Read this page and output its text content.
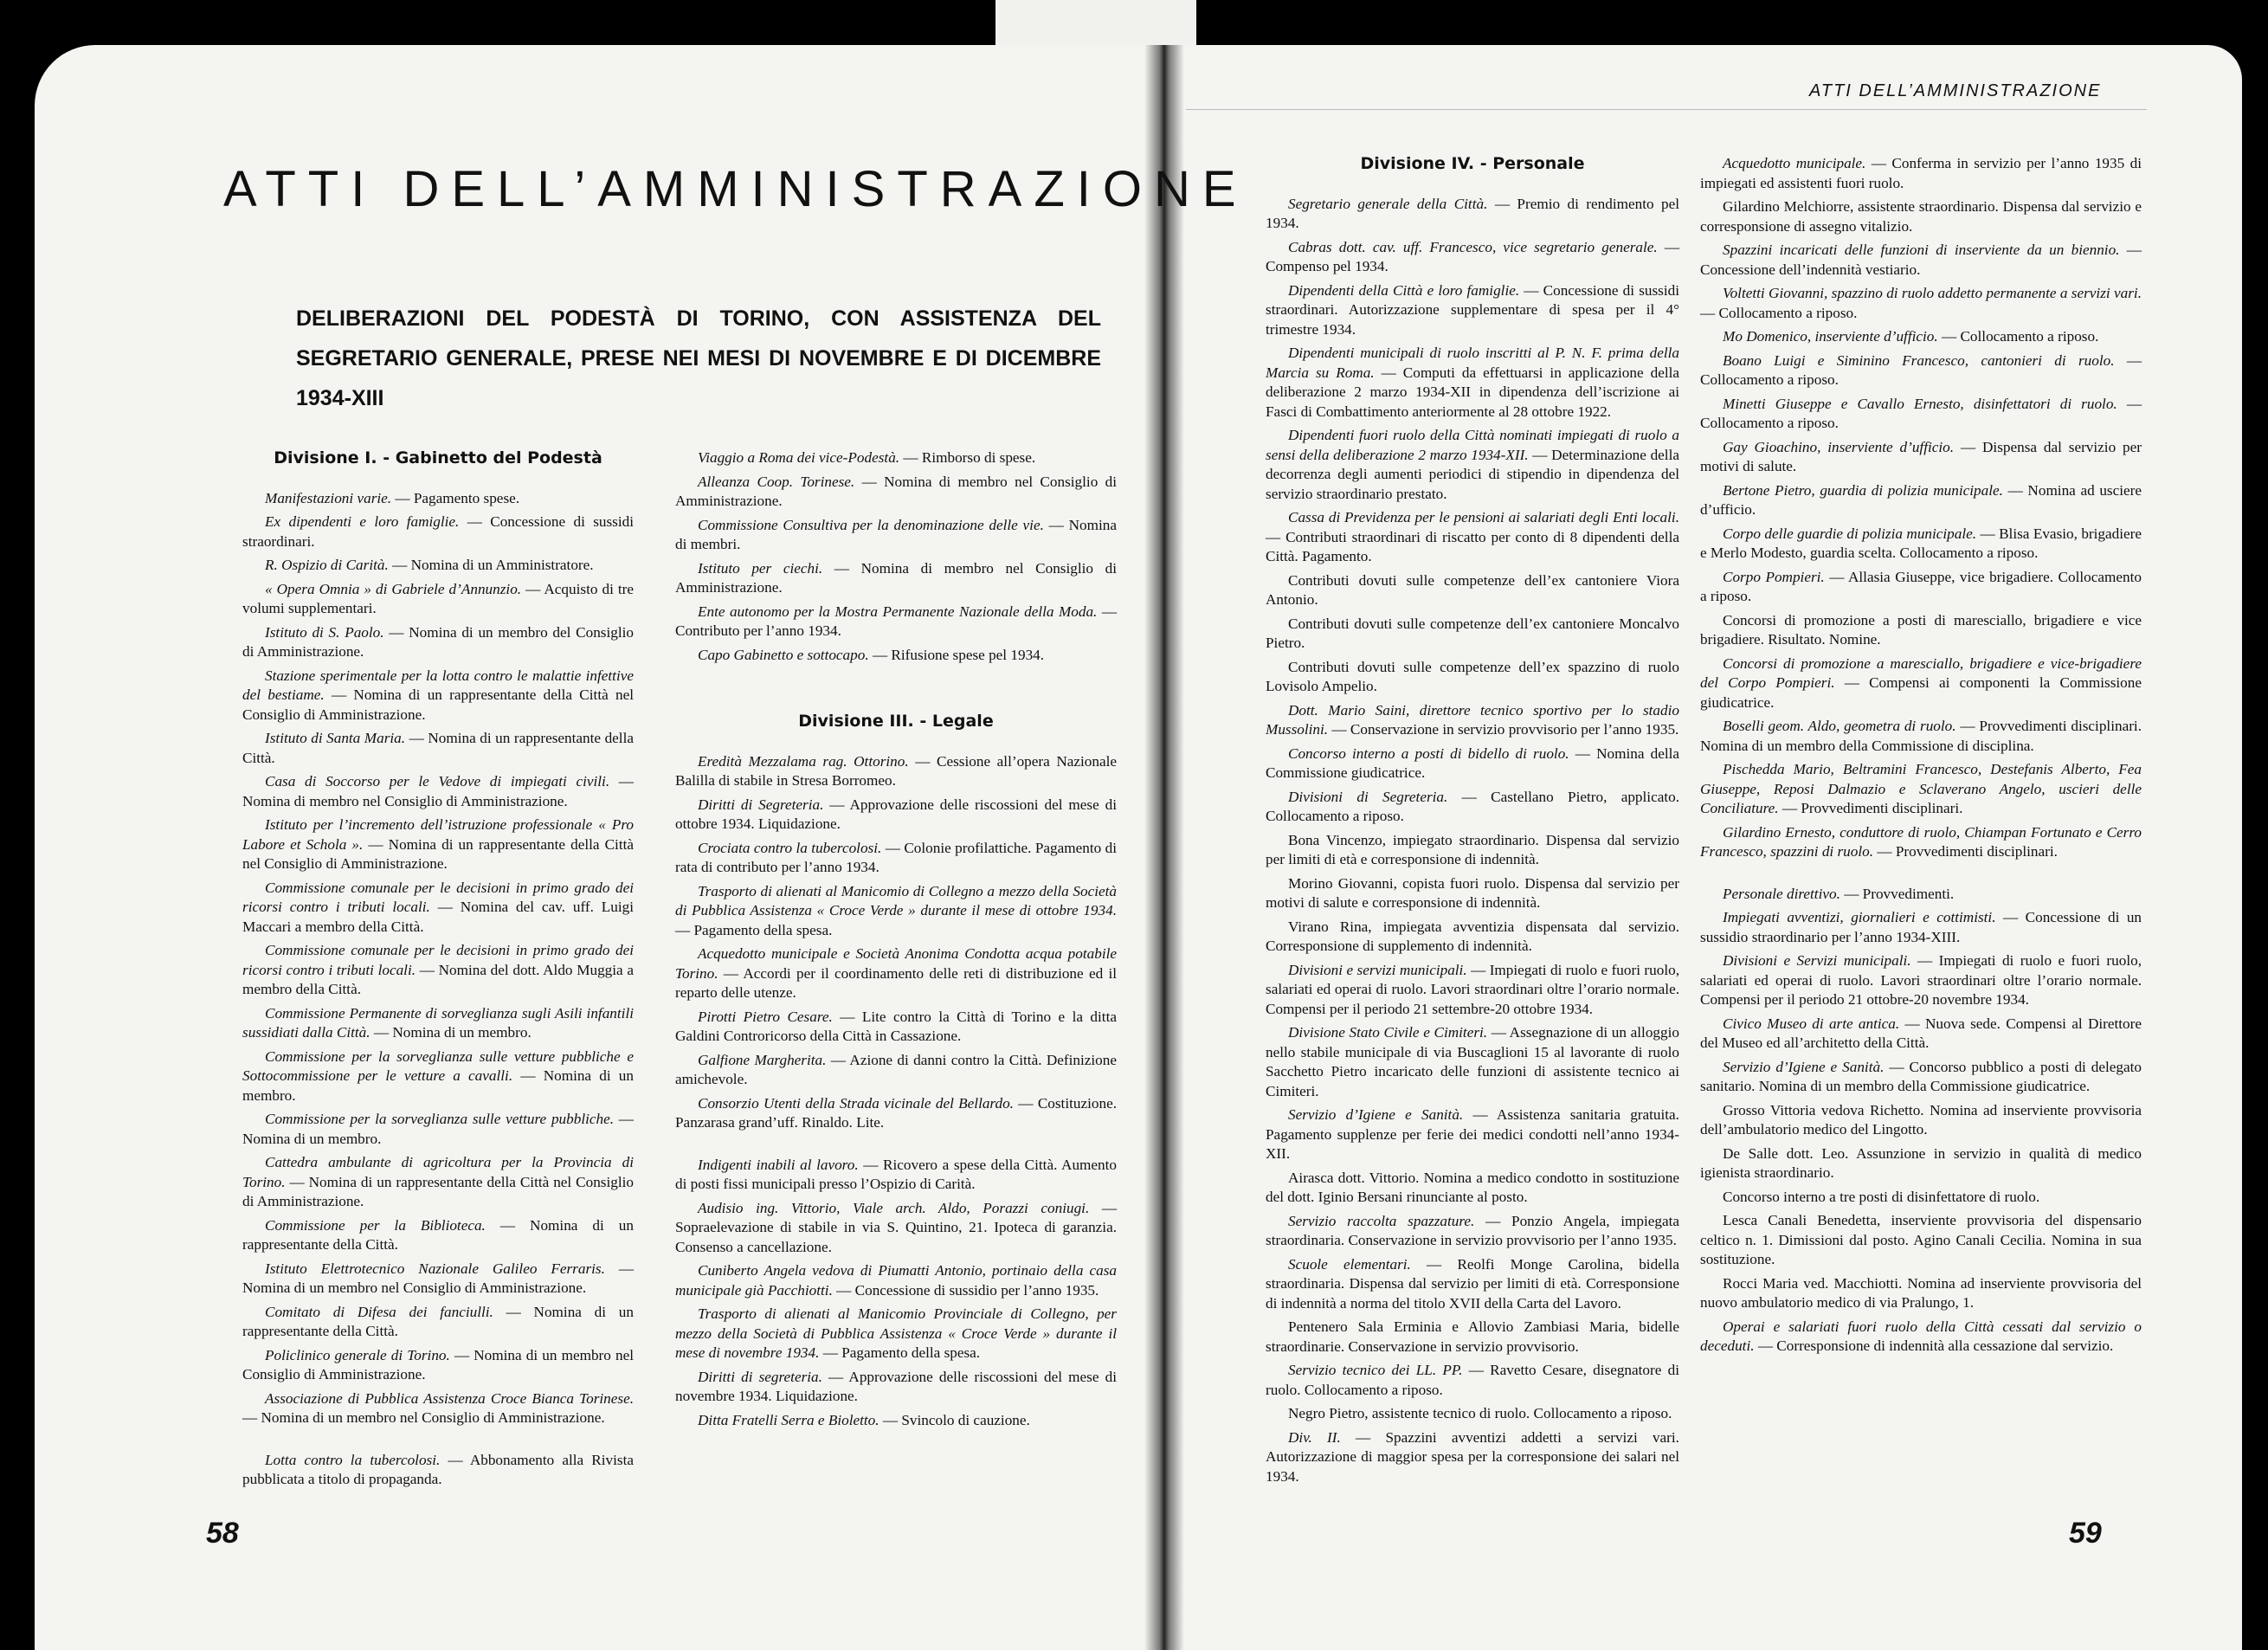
ATTI DELL’AMMINISTRAZIONE
DELIBERAZIONI DEL PODESTÀ DI TORINO, CON ASSISTENZA DEL SEGRETARIO GENERALE, PRESE NEI MESI DI NOVEMBRE E DI DICEMBRE 1934-XIII
ATTI DELL’AMMINISTRAZIONE
Divisione I. - Gabinetto del Podestà

Manifestazioni varie. — Pagamento spese.

Ex dipendenti e loro famiglie. — Concessione di sussidi straordinari.

R. Ospizio di Carità. — Nomina di un Amministratore.

« Opera Omnia » di Gabriele d’Annunzio. — Acquisto di tre volumi supplementari.

Istituto di S. Paolo. — Nomina di un membro del Consiglio di Amministrazione.

Stazione sperimentale per la lotta contro le malattie infettive del bestiame. — Nomina di un rappresentante della Città nel Consiglio di Amministrazione.

Istituto di Santa Maria. — Nomina di un rappresentante della Città.

Casa di Soccorso per le Vedove di impiegati civili. — Nomina di membro nel Consiglio di Amministrazione.

Istituto per l’incremento dell’istruzione professionale « Pro Labore et Schola ». — Nomina di un rappresentante della Città nel Consiglio di Amministrazione.

Commissione comunale per le decisioni in primo grado dei ricorsi contro i tributi locali. — Nomina del cav. uff. Luigi Maccari a membro della Città.

Commissione comunale per le decisioni in primo grado dei ricorsi contro i tributi locali. — Nomina del dott. Aldo Muggia a membro della Città.

Commissione Permanente di sorveglianza sugli Asili infantili sussidiati dalla Città. — Nomina di un membro.

Commissione per la sorveglianza sulle vetture pubbliche e Sottocommissione per le vetture a cavalli. — Nomina di un membro.

Commissione per la sorveglianza sulle vetture pubbliche. — Nomina di un membro.

Cattedra ambulante di agricoltura per la Provincia di Torino. — Nomina di un rappresentante della Città nel Consiglio di Amministrazione.

Commissione per la Biblioteca. — Nomina di un rappresentante della Città.

Istituto Elettrotecnico Nazionale Galileo Ferraris. — Nomina di un membro nel Consiglio di Amministrazione.

Comitato di Difesa dei fanciulli. — Nomina di un rappresentante della Città.

Policlinico generale di Torino. — Nomina di un membro nel Consiglio di Amministrazione.

Associazione di Pubblica Assistenza Croce Bianca Torinese. — Nomina di un membro nel Consiglio di Amministrazione.

Lotta contro la tubercolosi. — Abbonamento alla Rivista pubblicata a titolo di propaganda.

Viaggio a Roma dei vice-Podestà. — Rimborso di spese.

Alleanza Coop. Torinese. — Nomina di membro nel Consiglio di Amministrazione.

Commissione Consultiva per la denominazione delle vie. — Nomina di membri.

Istituto per ciechi. — Nomina di membro nel Consiglio di Amministrazione.

Ente autonomo per la Mostra Permanente Nazionale della Moda. — Contributo per l’anno 1934.

Capo Gabinetto e sottocapo. — Rifusione spese pel 1934.

Divisione III. - Legale

Eredità Mezzalama rag. Ottorino. — Cessione all’opera Nazionale Balilla di stabile in Stresa Borromeo.

Diritti di Segreteria. — Approvazione delle riscossioni del mese di ottobre 1934. Liquidazione.

Crociata contro la tubercolosi. — Colonie profilattiche. Pagamento di rata di contributo per l’anno 1934.

Trasporto di alienati al Manicomio di Collegno a mezzo della Società di Pubblica Assistenza « Croce Verde » durante il mese di ottobre 1934. — Pagamento della spesa.

Acquedotto municipale e Società Anonima Condotta acqua potabile Torino. — Accordi per il coordinamento delle reti di distribuzione ed il reparto delle utenze.

Pirotti Pietro Cesare. — Lite contro la Città di Torino e la ditta Galdini Controricorso della Città in Cassazione.

Galfione Margherita. — Azione di danni contro la Città. Definizione amichevole.

Consorzio Utenti della Strada vicinale del Bellardo. — Costituzione. Panzarasa grand’uff. Rinaldo. Lite.

Indigenti inabili al lavoro. — Ricovero a spese della Città. Aumento di posti fissi municipali presso l’Ospizio di Carità.

Audisio ing. Vittorio, Viale arch. Aldo, Porazzi coniugi. — Sopraelevazione di stabile in via S. Quintino, 21. Ipoteca di garanzia. Consenso a cancellazione.

Cuniberto Angela vedova di Piumatti Antonio, portinaio della casa municipale già Pacchiotti. — Concessione di sussidio per l’anno 1935.

Trasporto di alienati al Manicomio Provinciale di Collegno, per mezzo della Società di Pubblica Assistenza « Croce Verde » durante il mese di novembre 1934. — Pagamento della spesa.

Diritti di segreteria. — Approvazione delle riscossioni del mese di novembre 1934. Liquidazione.

Ditta Fratelli Serra e Bioletto. — Svincolo di cauzione.

Divisione IV. - Personale

Segretario generale della Città. — Premio di rendimento pel 1934.

Cabras dott. cav. uff. Francesco, vice segretario generale. — Compenso pel 1934.

Dipendenti della Città e loro famiglie. — Concessione di sussidi straordinari. Autorizzazione supplementare di spesa per il 4° trimestre 1934.

Dipendenti municipali di ruolo inscritti al P. N. F. prima della Marcia su Roma. — Computi da effettuarsi in applicazione della deliberazione 2 marzo 1934-XII in dipendenza dell’iscrizione ai Fasci di Combattimento anteriormente al 28 ottobre 1922.

Dipendenti fuori ruolo della Città nominati impiegati di ruolo a sensi della deliberazione 2 marzo 1934-XII. — Determinazione della decorrenza degli aumenti periodici di stipendio in dipendenza del servizio straordinario prestato.

Cassa di Previdenza per le pensioni ai salariati degli Enti locali. — Contributi straordinari di riscatto per conto di 8 dipendenti della Città. Pagamento.

Contributi dovuti sulle competenze dell’ex cantoniere Viora Antonio.

Contributi dovuti sulle competenze dell’ex cantoniere Moncalvo Pietro.

Contributi dovuti sulle competenze dell’ex spazzino di ruolo Lovisolo Ampelio.

Dott. Mario Saini, direttore tecnico sportivo per lo stadio Mussolini. — Conservazione in servizio provvisorio per l’anno 1935.

Concorso interno a posti di bidello di ruolo. — Nomina della Commissione giudicatrice.

Divisioni di Segreteria. — Castellano Pietro, applicato. Collocamento a riposo.

Bona Vincenzo, impiegato straordinario. Dispensa dal servizio per limiti di età e corresponsione di indennità.

Morino Giovanni, copista fuori ruolo. Dispensa dal servizio per motivi di salute e corresponsione di indennità.

Virano Rina, impiegata avventizia dispensata dal servizio. Corresponsione di supplemento di indennità.

Divisioni e servizi municipali. — Impiegati di ruolo e fuori ruolo, salariati ed operai di ruolo. Lavori straordinari oltre l’orario normale. Compensi per il periodo 21 settembre-20 ottobre 1934.

Divisione Stato Civile e Cimiteri. — Assegnazione di un alloggio nello stabile municipale di via Buscaglioni 15 al lavorante di ruolo Sacchetto Pietro incaricato delle funzioni di assistente tecnico ai Cimiteri.

Servizio d’Igiene e Sanità. — Assistenza sanitaria gratuita. Pagamento supplenze per ferie dei medici condotti nell’anno 1934-XII.

Airasca dott. Vittorio. Nomina a medico condotto in sostituzione del dott. Iginio Bersani rinunciante al posto.

Servizio raccolta spazzature. — Ponzio Angela, impiegata straordinaria. Conservazione in servizio provvisorio per l’anno 1935.

Scuole elementari. — Reolfi Monge Carolina, bidella straordinaria. Dispensa dal servizio per limiti di età. Corresponsione di indennità a norma del titolo XVII della Carta del Lavoro.

Pentenero Sala Erminia e Allovio Zambiasi Maria, bidelle straordinarie. Conservazione in servizio provvisorio.

Servizio tecnico dei LL. PP. — Ravetto Cesare, disegnatore di ruolo. Collocamento a riposo.

Negro Pietro, assistente tecnico di ruolo. Collocamento a riposo.

Div. II. — Spazzini avventizi addetti a servizi vari. Autorizzazione di maggior spesa per la corresponsione dei salari nel 1934.

Acquedotto municipale. — Conferma in servizio per l’anno 1935 di impiegati ed assistenti fuori ruolo.

Gilardino Melchiorre, assistente straordinario. Dispensa dal servizio e corresponsione di assegno vitalizio.

Spazzini incaricati delle funzioni di inserviente da un biennio. — Concessione dell’indennità vestiario.

Voltetti Giovanni, spazzino di ruolo addetto permanente a servizi vari. — Collocamento a riposo.

Mo Domenico, inserviente d’ufficio. — Collocamento a riposo.

Boano Luigi e Siminino Francesco, cantonieri di ruolo. — Collocamento a riposo.

Minetti Giuseppe e Cavallo Ernesto, disinfettatori di ruolo. — Collocamento a riposo.

Gay Gioachino, inserviente d’ufficio. — Dispensa dal servizio per motivi di salute.

Bertone Pietro, guardia di polizia municipale. — Nomina ad usciere d’ufficio.

Corpo delle guardie di polizia municipale. — Blisa Evasio, brigadiere e Merlo Modesto, guardia scelta. Collocamento a riposo.

Corpo Pompieri. — Allasia Giuseppe, vice brigadiere. Collocamento a riposo.

Concorsi di promozione a posti di maresciallo, brigadiere e vice brigadiere. Risultato. Nomine.

Concorsi di promozione a maresciallo, brigadiere e vice-brigadiere del Corpo Pompieri. — Compensi ai componenti la Commissione giudicatrice.

Boselli geom. Aldo, geometra di ruolo. — Provvedimenti disciplinari. Nomina di un membro della Commissione di disciplina.

Pischedda Mario, Beltramini Francesco, Destefanis Alberto, Fea Giuseppe, Reposi Dalmazio e Sclaverano Angelo, uscieri delle Conciliature. — Provvedimenti disciplinari.

Gilardino Ernesto, conduttore di ruolo, Chiampan Fortunato e Cerro Francesco, spazzini di ruolo. — Provvedimenti disciplinari.

Personale direttivo. — Provvedimenti.

Impiegati avventizi, giornalieri e cottimisti. — Concessione di un sussidio straordinario per l’anno 1934-XIII.

Divisioni e Servizi municipali. — Impiegati di ruolo e fuori ruolo, salariati ed operai di ruolo. Lavori straordinari oltre l’orario normale. Compensi per il periodo 21 ottobre-20 novembre 1934.

Civico Museo di arte antica. — Nuova sede. Compensi al Direttore del Museo ed all’architetto della Città.

Servizio d’Igiene e Sanità. — Concorso pubblico a posti di delegato sanitario. Nomina di un membro della Commissione giudicatrice.

Grosso Vittoria vedova Richetto. Nomina ad inserviente provvisoria dell’ambulatorio medico del Lingotto.

De Salle dott. Leo. Assunzione in servizio in qualità di medico igienista straordinario.

Concorso interno a tre posti di disinfettatore di ruolo.

Lesca Canali Benedetta, inserviente provvisoria del dispensario celtico n. 1. Dimissioni dal posto. Agino Canali Cecilia. Nomina in sua sostituzione.

Rocci Maria ved. Macchiotti. Nomina ad inserviente provvisoria del nuovo ambulatorio medico di via Pralungo, 1.

Operai e salariati fuori ruolo della Città cessati dal servizio o deceduti. — Corresponsione di indennità alla cessazione dal servizio.

58	59
